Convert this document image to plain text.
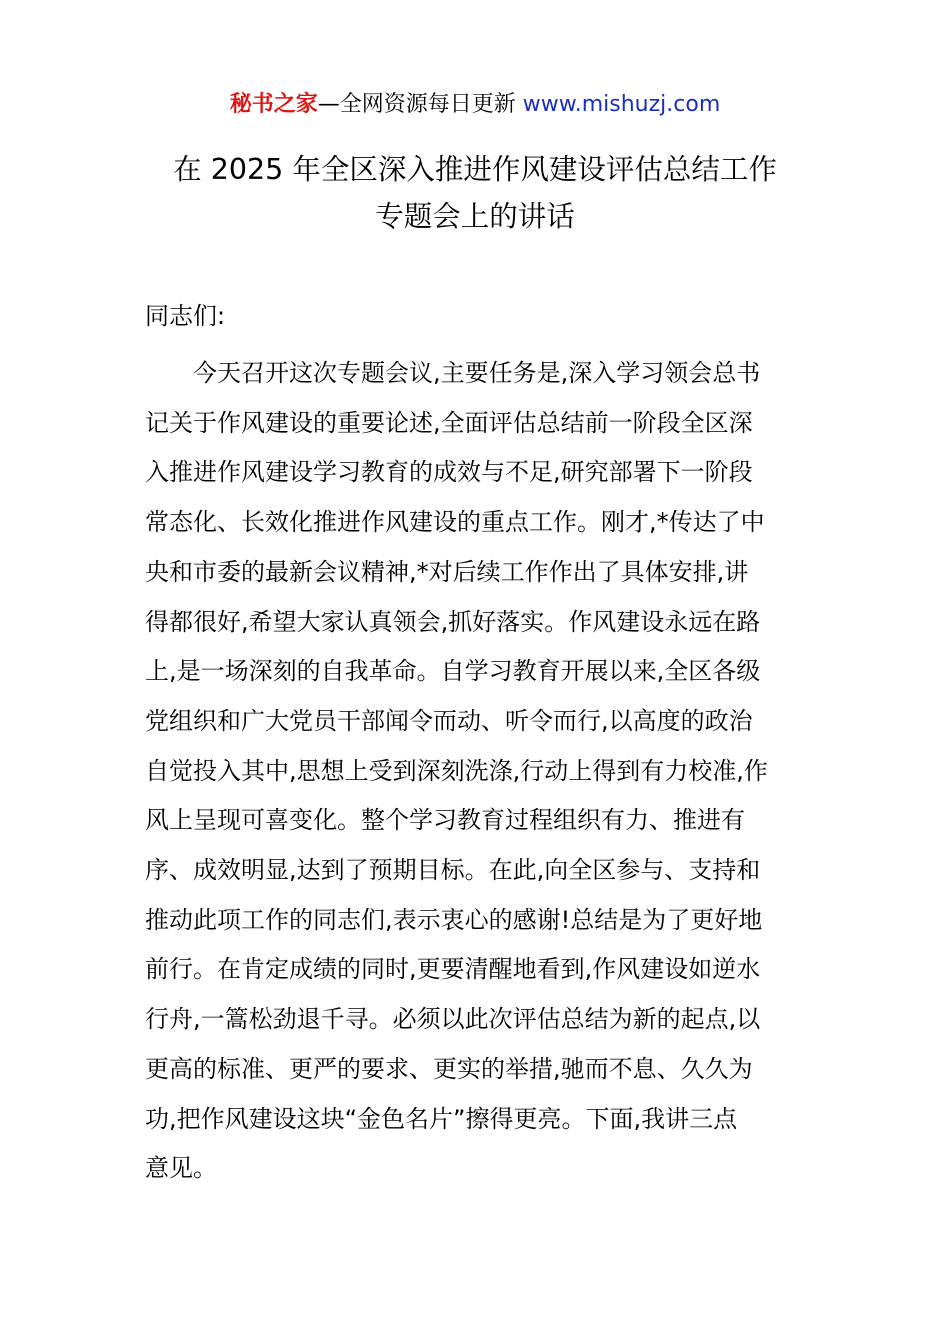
秘书之家—全网资源每日更新 www.mishuzj.com
在 2025 年全区深入推进作风建设评估总结工作
专题会上的讲话

同志们:

今天召开这次专题会议,主要任务是,深入学习领会总书
记关于作风建设的重要论述,全面评估总结前一阶段全区深
入推进作风建设学习教育的成效与不足,研究部署下一阶段
常态化、长效化推进作风建设的重点工作。刚才,*传达了中
央和市委的最新会议精神,*对后续工作作出了具体安排,讲
得都很好,希望大家认真领会,抓好落实。作风建设永远在路
上,是一场深刻的自我革命。自学习教育开展以来,全区各级
党组织和广大党员干部闻令而动、听令而行,以高度的政治
自觉投入其中,思想上受到深刻洗涤,行动上得到有力校准,作
风上呈现可喜变化。整个学习教育过程组织有力、推进有
序、成效明显,达到了预期目标。在此,向全区参与、支持和
推动此项工作的同志们,表示衷心的感谢!总结是为了更好地
前行。在肯定成绩的同时,更要清醒地看到,作风建设如逆水
行舟,一篙松劲退千寻。必须以此次评估总结为新的起点,以
更高的标准、更严的要求、更实的举措,驰而不息、久久为
功,把作风建设这块“金色名片”擦得更亮。下面,我讲三点
意见。
